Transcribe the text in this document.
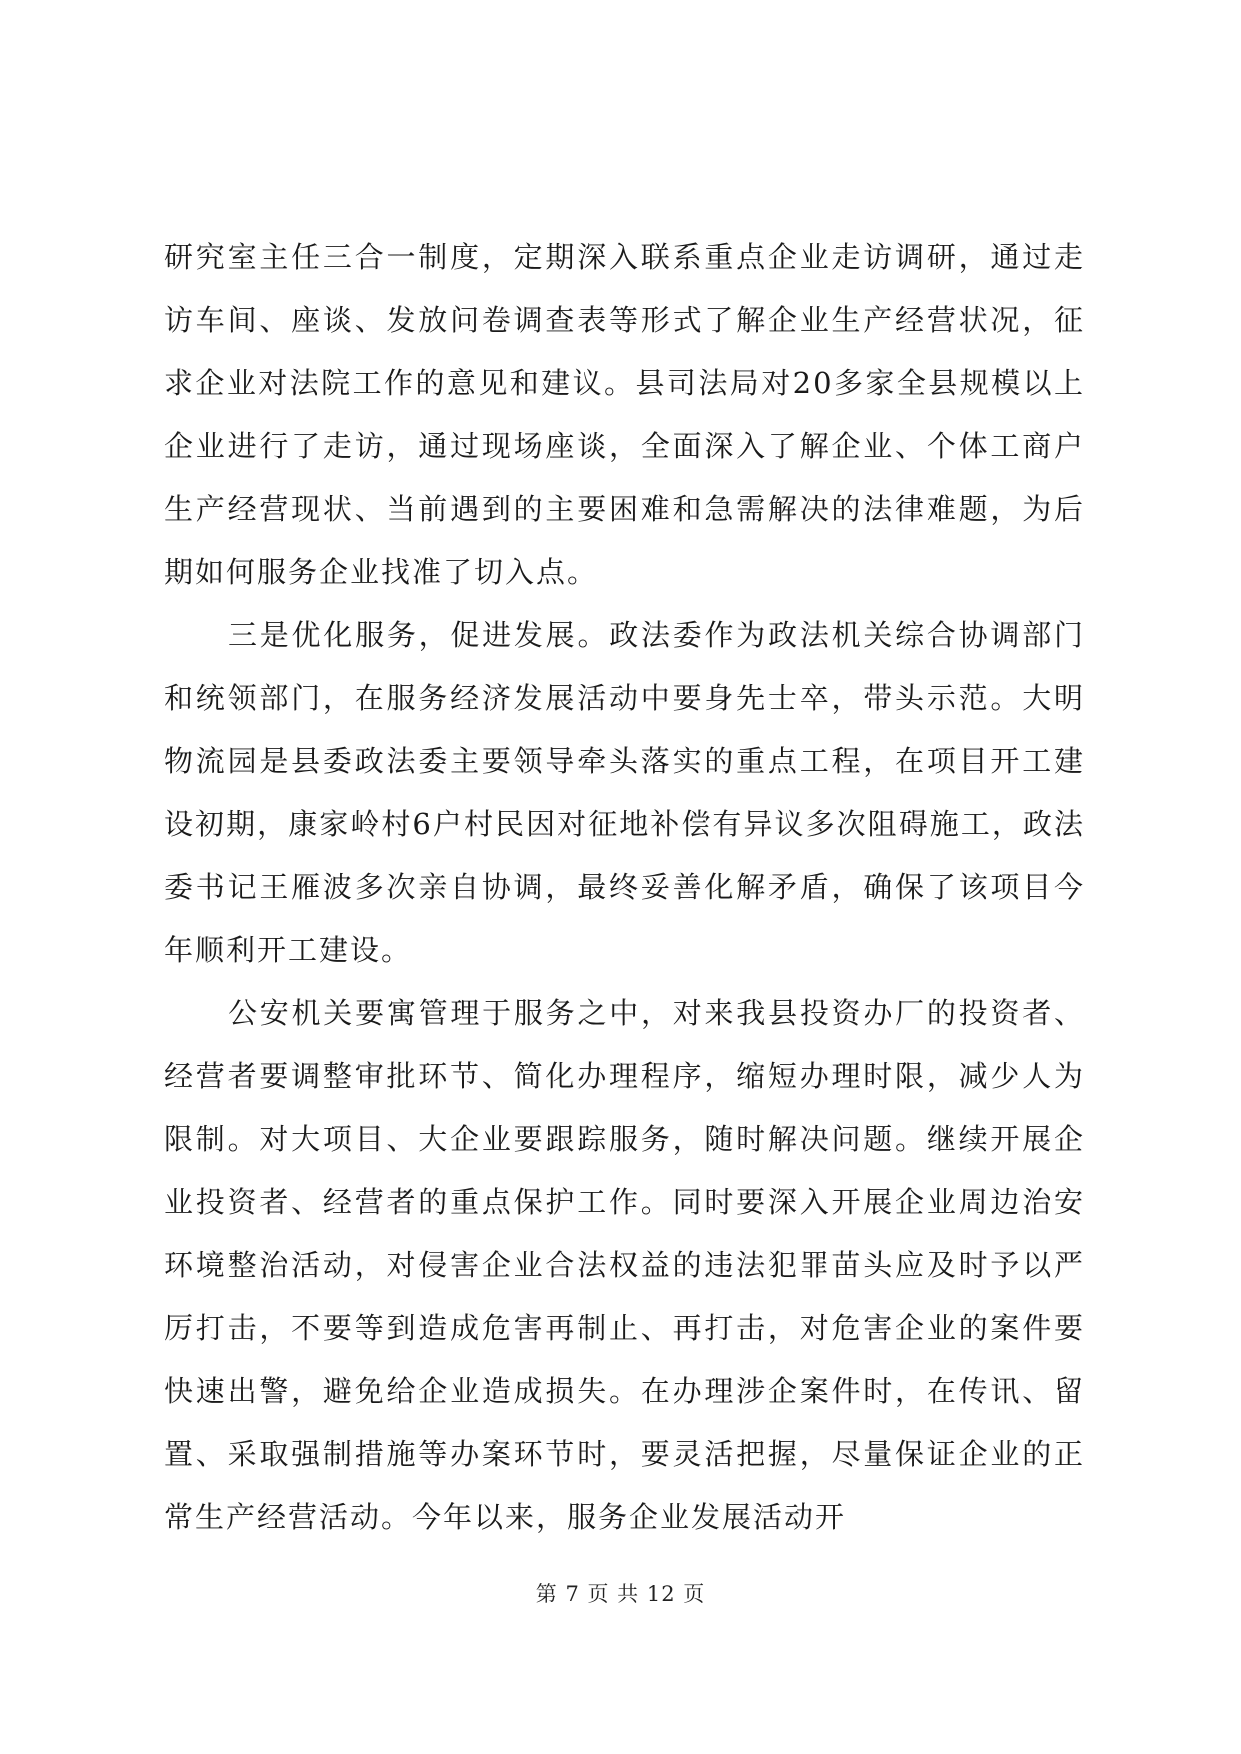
研究室主任三合一制度，定期深入联系重点企业走访调研，通过走访车间、座谈、发放问卷调查表等形式了解企业生产经营状况，征求企业对法院工作的意见和建议。县司法局对20多家全县规模以上企业进行了走访，通过现场座谈，全面深入了解企业、个体工商户生产经营现状、当前遇到的主要困难和急需解决的法律难题，为后期如何服务企业找准了切入点。

三是优化服务，促进发展。政法委作为政法机关综合协调部门和统领部门，在服务经济发展活动中要身先士卒，带头示范。大明物流园是县委政法委主要领导牵头落实的重点工程，在项目开工建设初期，康家岭村6户村民因对征地补偿有异议多次阻碍施工，政法委书记王雁波多次亲自协调，最终妥善化解矛盾，确保了该项目今年顺利开工建设。

公安机关要寓管理于服务之中，对来我县投资办厂的投资者、经营者要调整审批环节、简化办理程序，缩短办理时限，减少人为限制。对大项目、大企业要跟踪服务，随时解决问题。继续开展企业投资者、经营者的重点保护工作。同时要深入开展企业周边治安环境整治活动，对侵害企业合法权益的违法犯罪苗头应及时予以严厉打击，不要等到造成危害再制止、再打击，对危害企业的案件要快速出警，避免给企业造成损失。在办理涉企案件时，在传讯、留置、采取强制措施等办案环节时，要灵活把握，尽量保证企业的正常生产经营活动。今年以来，服务企业发展活动开

第 7 页 共 12 页
